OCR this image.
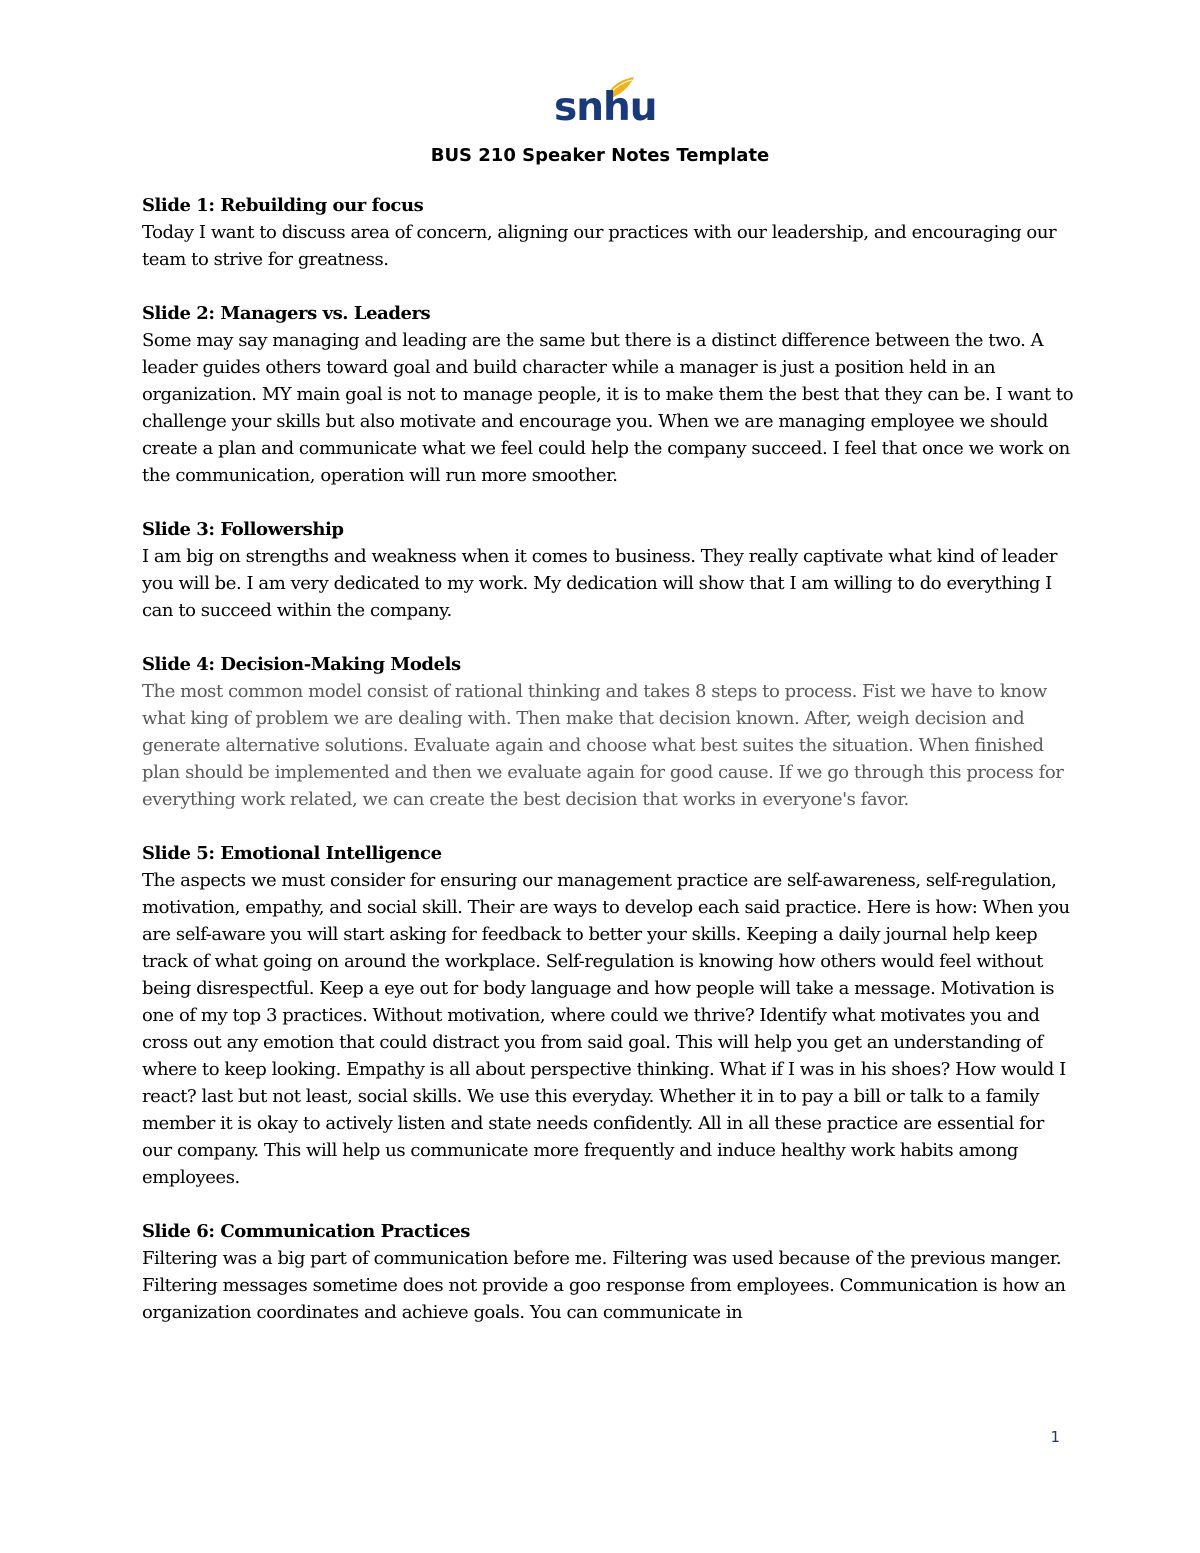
snhu
BUS 210 Speaker Notes Template
Slide 1: Rebuilding our focus
Today I want to discuss area of concern, aligning our practices with our leadership, and encouraging our team to strive for greatness.
Slide 2: Managers vs. Leaders
Some may say managing and leading are the same but there is a distinct difference between the two. A leader guides others toward goal and build character while a manager is just a position held in an organization. MY main goal is not to manage people, it is to make them the best that they can be. I want to challenge your skills but also motivate and encourage you. When we are managing employee we should create a plan and communicate what we feel could help the company succeed. I feel that once we work on the communication, operation will run more smoother.
Slide 3: Followership
I am big on strengths and weakness when it comes to business. They really captivate what kind of leader you will be. I am very dedicated to my work. My dedication will show that I am willing to do everything I can to succeed within the company.
Slide 4: Decision-Making Models
The most common model consist of rational thinking and takes 8 steps to process. Fist we have to know what king of problem we are dealing with. Then make that decision known. After, weigh decision and generate alternative solutions. Evaluate again and choose what best suites the situation. When finished plan should be implemented and then we evaluate again for good cause. If we go through this process for everything work related, we can create the best decision that works in everyone's favor.
Slide 5: Emotional Intelligence
The aspects we must consider for ensuring our management practice are self-awareness, self-regulation, motivation, empathy, and social skill. Their are ways to develop each said practice. Here is how: When you are self-aware you will start asking for feedback to better your skills. Keeping a daily journal help keep track of what going on around the workplace. Self-regulation is knowing how others would feel without being disrespectful. Keep a eye out for body language and how people will take a message. Motivation is one of my top 3 practices. Without motivation, where could we thrive? Identify what motivates you and cross out any emotion that could distract you from said goal. This will help you get an understanding of where to keep looking. Empathy is all about perspective thinking. What if I was in his shoes? How would I react? last but not least, social skills. We use this everyday. Whether it in to pay a bill or talk to a family member it is okay to actively listen and state needs confidently. All in all these practice are essential for our company. This will help us communicate more frequently and induce healthy work habits among employees.
Slide 6: Communication Practices
Filtering was a big part of communication before me. Filtering was used because of the previous manger. Filtering messages sometime does not provide a goo response from employees. Communication is how an organization coordinates and achieve goals. You can communicate in
1
